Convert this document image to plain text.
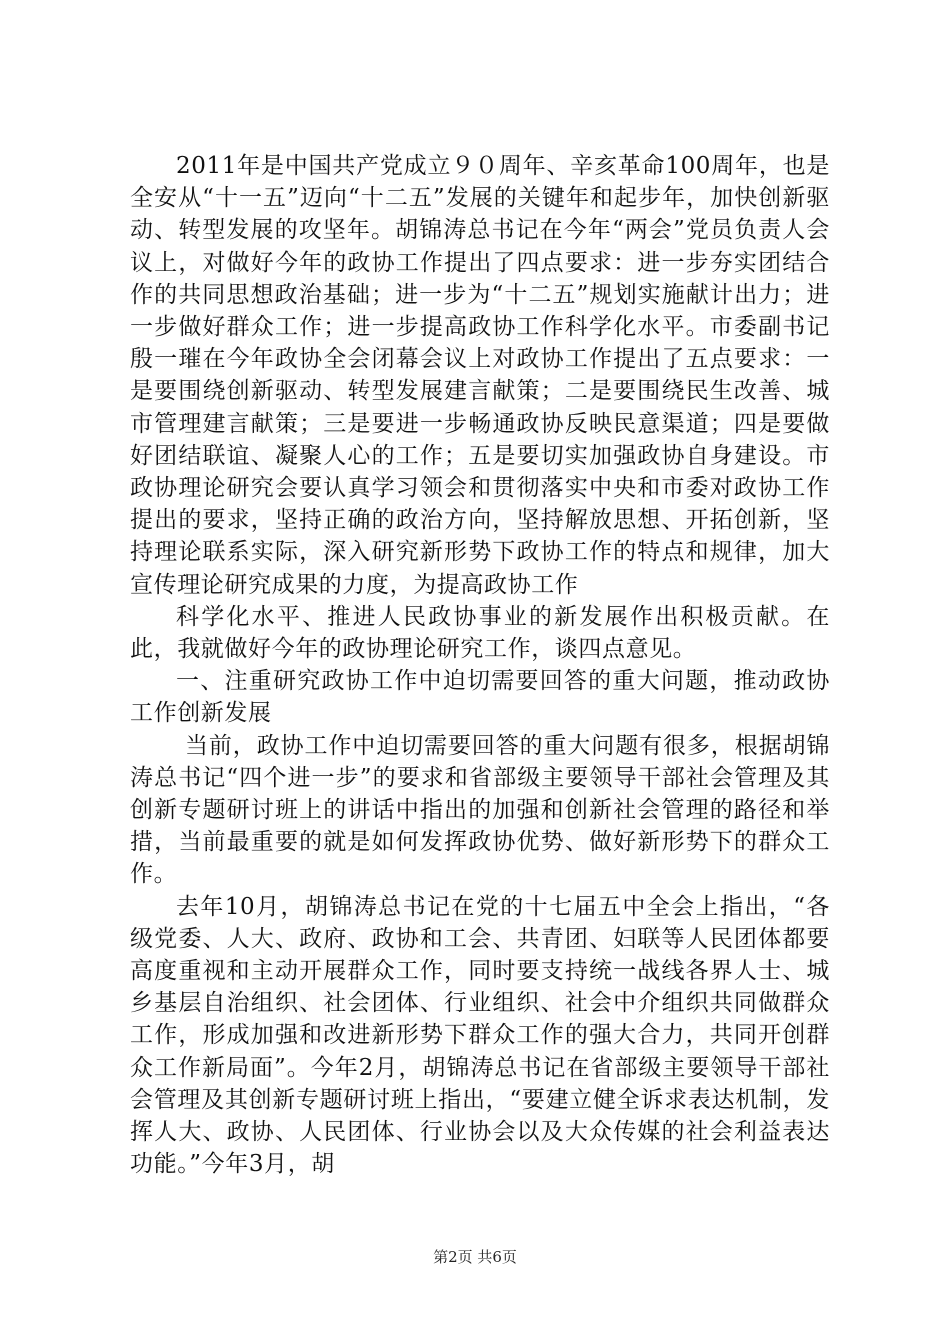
2011年是中国共产党成立９０周年、辛亥革命100周年，也是全安从“十一五”迈向“十二五”发展的关键年和起步年，加快创新驱动、转型发展的攻坚年。胡锦涛总书记在今年“两会”党员负责人会议上，对做好今年的政协工作提出了四点要求：进一步夯实团结合作的共同思想政治基础；进一步为“十二五”规划实施献计出力；进一步做好群众工作；进一步提高政协工作科学化水平。市委副书记殷一璀在今年政协全会闭幕会议上对政协工作提出了五点要求：一是要围绕创新驱动、转型发展建言献策；二是要围绕民生改善、城市管理建言献策；三是要进一步畅通政协反映民意渠道；四是要做好团结联谊、凝聚人心的工作；五是要切实加强政协自身建设。市政协理论研究会要认真学习领会和贯彻落实中央和市委对政协工作提出的要求，坚持正确的政治方向，坚持解放思想、开拓创新，坚持理论联系实际，深入研究新形势下政协工作的特点和规律，加大宣传理论研究成果的力度，为提高政协工作

科学化水平、推进人民政协事业的新发展作出积极贡献。在此，我就做好今年的政协理论研究工作，谈四点意见。

一、注重研究政协工作中迫切需要回答的重大问题，推动政协工作创新发展

当前，政协工作中迫切需要回答的重大问题有很多，根据胡锦涛总书记“四个进一步”的要求和省部级主要领导干部社会管理及其创新专题研讨班上的讲话中指出的加强和创新社会管理的路径和举措，当前最重要的就是如何发挥政协优势、做好新形势下的群众工作。

去年10月，胡锦涛总书记在党的十七届五中全会上指出，“各级党委、人大、政府、政协和工会、共青团、妇联等人民团体都要高度重视和主动开展群众工作，同时要支持统一战线各界人士、城乡基层自治组织、社会团体、行业组织、社会中介组织共同做群众工作，形成加强和改进新形势下群众工作的强大合力，共同开创群众工作新局面”。今年2月，胡锦涛总书记在省部级主要领导干部社会管理及其创新专题研讨班上指出，“要建立健全诉求表达机制，发挥人大、政协、人民团体、行业协会以及大众传媒的社会利益表达功能。”今年3月，胡

第2页 共6页
